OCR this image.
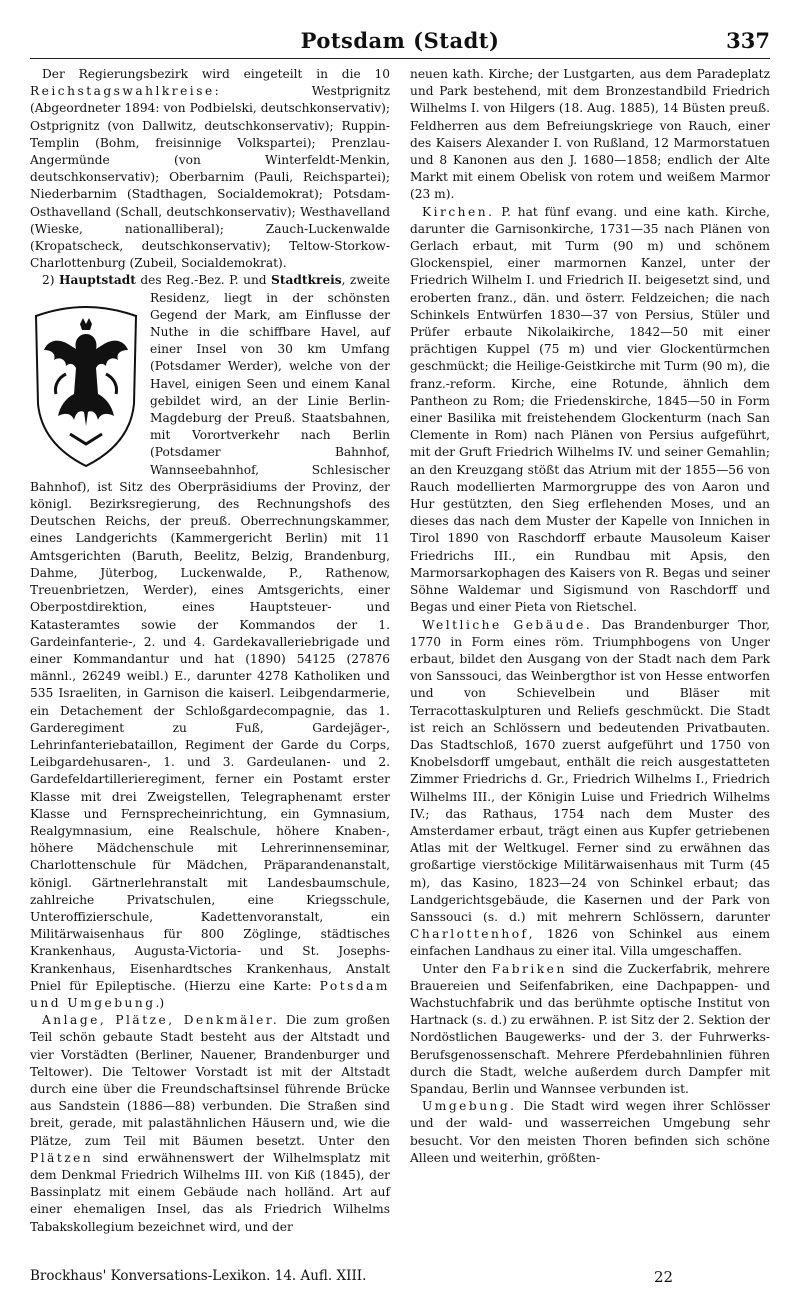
Potsdam (Stadt)	337

Der Regierungsbezirk wird eingeteilt in die 10 Reichstagswahlkreise: Westprignitz (Abgeordneter 1894: von Podbielski, deutschkonservativ); Ostprignitz (von Dallwitz, deutschkonservativ); Ruppin-Templin (Bohm, freisinnige Volkspartei); Prenzlau-Angermünde (von Winterfeldt-Menkin, deutschkonservativ); Oberbarnim (Pauli, Reichspartei); Niederbarnim (Stadthagen, Socialdemokrat); Potsdam-Osthavelland (Schall, deutschkonservativ); Westhavelland (Wieske, nationalliberal); Zauch-Luckenwalde (Kropatscheck, deutschkonservativ); Teltow-Storkow-Charlottenburg (Zubeil, Socialdemokrat).

2) Hauptstadt des Reg.-Bez. P. und Stadtkreis
, zweite Residenz, liegt in der schönsten Gegend der Mark, am Einflusse der Nuthe in die schiffbare Havel, auf einer Insel von 30 km Umfang (Potsdamer Werder), welche von der Havel, einigen Seen und einem Kanal gebildet wird, an der Linie Berlin-Magdeburg der Preuß. Staatsbahnen, mit Vorortverkehr nach Berlin (Potsdamer Bahnhof, Wannseebahnhof, Schlesischer Bahnhof), ist Sitz des Oberpräsidiums der Provinz, der königl. Bezirksregierung, des Rechnungshofs des Deutschen Reichs, der preuß. Oberrechnungskammer, eines Landgerichts (Kammergericht Berlin) mit 11 Amtsgerichten (Baruth, Beelitz, Belzig, Brandenburg, Dahme, Jüterbog, Luckenwalde, P., Rathenow, Treuenbrietzen, Werder), eines Amtsgerichts, einer Oberpostdirektion, eines Hauptsteuer- und Katasteramtes sowie der Kommandos der 1. Gardeinfanterie-, 2. und 4. Gardekavalleriebrigade und einer Kommandantur und hat (1890) 54125 (27876 männl., 26249 weibl.) E., darunter 4278 Katholiken und 535 Israeliten, in Garnison die kaiserl. Leibgendarmerie, ein Detachement der Schloßgardecompagnie, das 1. Garderegiment zu Fuß, Gardejäger-, Lehrinfanteriebataillon, Regiment der Garde du Corps, Leibgardehusaren-, 1. und 3. Gardeulanen- und 2. Gardefeldartillerieregiment, ferner ein Postamt erster Klasse mit drei Zweigstellen, Telegraphenamt erster Klasse und Fernsprecheinrichtung, ein Gymnasium, Realgymnasium, eine Realschule, höhere Knaben-, höhere Mädchenschule mit Lehrerinnenseminar, Charlottenschule für Mädchen, Präparandenanstalt, königl. Gärtnerlehranstalt mit Landesbaumschule, zahlreiche Privatschulen, eine Kriegsschule, Unteroffizierschule, Kadettenvoranstalt, ein Militärwaisenhaus für 800 Zöglinge, städtisches Krankenhaus, Augusta-Victoria- und St. Josephs-Krankenhaus, Eisenhardtsches Krankenhaus, Anstalt Pniel für Epileptische. (Hierzu eine Karte: Potsdam und Umgebung.)

Anlage, Plätze, Denkmäler. Die zum großen Teil schön gebaute Stadt besteht aus der Altstadt und vier Vorstädten (Berliner, Nauener, Brandenburger und Teltower). Die Teltower Vorstadt ist mit der Altstadt durch eine über die Freundschaftsinsel führende Brücke aus Sandstein (1886—88) verbunden. Die Straßen sind breit, gerade, mit palastähnlichen Häusern und, wie die Plätze, zum Teil mit Bäumen besetzt. Unter den Plätzen sind erwähnenswert der Wilhelmsplatz mit dem Denkmal Friedrich Wilhelms III. von Kiß (1845), der Bassinplatz mit einem Gebäude nach holländ. Art auf einer ehemaligen Insel, das als Friedrich Wilhelms Tabakskollegium bezeichnet wird, und der

neuen kath. Kirche; der Lustgarten, aus dem Paradeplatz und Park bestehend, mit dem Bronzestandbild Friedrich Wilhelms I. von Hilgers (18. Aug. 1885), 14 Büsten preuß. Feldherren aus dem Befreiungskriege von Rauch, einer des Kaisers Alexander I. von Rußland, 12 Marmorstatuen und 8 Kanonen aus den J. 1680—1858; endlich der Alte Markt mit einem Obelisk von rotem und weißem Marmor (23 m).

Kirchen. P. hat fünf evang. und eine kath. Kirche, darunter die Garnisonkirche, 1731—35 nach Plänen von Gerlach erbaut, mit Turm (90 m) und schönem Glockenspiel, einer marmornen Kanzel, unter der Friedrich Wilhelm I. und Friedrich II. beigesetzt sind, und eroberten franz., dän. und österr. Feldzeichen; die nach Schinkels Entwürfen 1830—37 von Persius, Stüler und Prüfer erbaute Nikolaikirche, 1842—50 mit einer prächtigen Kuppel (75 m) und vier Glockentürmchen geschmückt; die Heilige-Geistkirche mit Turm (90 m), die franz.-reform. Kirche, eine Rotunde, ähnlich dem Pantheon zu Rom; die Friedenskirche, 1845—50 in Form einer Basilika mit freistehendem Glockenturm (nach San Clemente in Rom) nach Plänen von Persius aufgeführt, mit der Gruft Friedrich Wilhelms IV. und seiner Gemahlin; an den Kreuzgang stößt das Atrium mit der 1855—56 von Rauch modellierten Marmorgruppe des von Aaron und Hur gestützten, den Sieg erflehenden Moses, und an dieses das nach dem Muster der Kapelle von Innichen in Tirol 1890 von Raschdorff erbaute Mausoleum Kaiser Friedrichs III., ein Rundbau mit Apsis, den Marmorsarkophagen des Kaisers von R. Begas und seiner Söhne Waldemar und Sigismund von Raschdorff und Begas und einer Pieta von Rietschel.

Weltliche Gebäude. Das Brandenburger Thor, 1770 in Form eines röm. Triumphbogens von Unger erbaut, bildet den Ausgang von der Stadt nach dem Park von Sanssouci, das Weinbergthor ist von Hesse entworfen und von Schievelbein und Bläser mit Terracottaskulpturen und Reliefs geschmückt. Die Stadt ist reich an Schlössern und bedeutenden Privatbauten. Das Stadtschloß, 1670 zuerst aufgeführt und 1750 von Knobelsdorff umgebaut, enthält die reich ausgestatteten Zimmer Friedrichs d. Gr., Friedrich Wilhelms I., Friedrich Wilhelms III., der Königin Luise und Friedrich Wilhelms IV.; das Rathaus, 1754 nach dem Muster des Amsterdamer erbaut, trägt einen aus Kupfer getriebenen Atlas mit der Weltkugel. Ferner sind zu erwähnen das großartige vierstöckige Militärwaisenhaus mit Turm (45 m), das Kasino, 1823—24 von Schinkel erbaut; das Landgerichtsgebäude, die Kasernen und der Park von Sanssouci (s. d.) mit mehrern Schlössern, darunter Charlottenhof, 1826 von Schinkel aus einem einfachen Landhaus zu einer ital. Villa umgeschaffen.

Unter den Fabriken sind die Zuckerfabrik, mehrere Brauereien und Seifenfabriken, eine Dachpappen- und Wachstuchfabrik und das berühmte optische Institut von Hartnack (s. d.) zu erwähnen. P. ist Sitz der 2. Sektion der Nordöstlichen Baugewerks- und der 3. der Fuhrwerks-Berufsgenossenschaft. Mehrere Pferdebahnlinien führen durch die Stadt, welche außerdem durch Dampfer mit Spandau, Berlin und Wannsee verbunden ist.

Umgebung. Die Stadt wird wegen ihrer Schlösser und der wald- und wasserreichen Umgebung sehr besucht. Vor den meisten Thoren befinden sich schöne Alleen und weiterhin, größten-

Brockhaus' Konversations-Lexikon. 14. Aufl. XIII.	22
